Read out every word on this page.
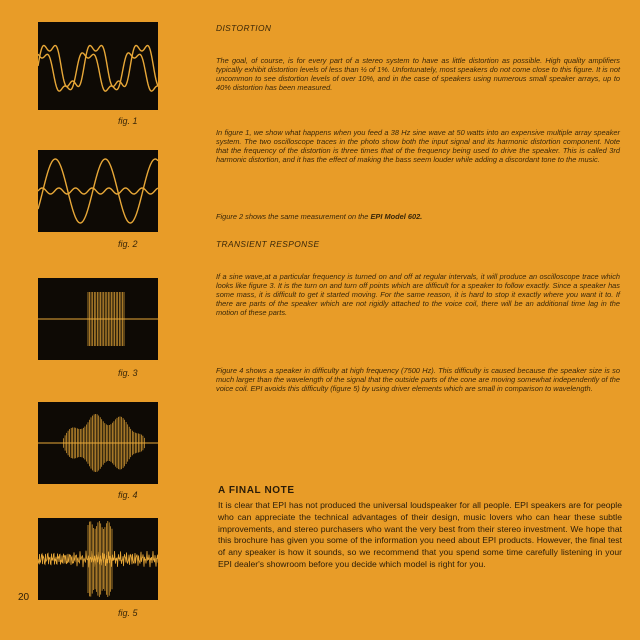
fig. 1
fig. 2
fig. 3
fig. 4
fig. 5
DISTORTION
The goal, of course, is for every part of a stereo system to have as little distortion as possible. High quality amplifiers typically exhibit distortion levels of less than ½ of 1%. Unfortunately, most speakers do not come close to this figure. It is not uncommon to see distortion levels of over 10%, and in the case of speakers using numerous small speaker arrays, up to 40% distortion has been measured.
In figure 1, we show what happens when you feed a 38 Hz sine wave at 50 watts into an expensive multiple array speaker system. The two oscilloscope traces in the photo show both the input signal and its harmonic distortion component. Note that the frequency of the distortion is three times that of the frequency being used to drive the speaker. This is called 3rd harmonic distortion, and it has the effect of making the bass seem louder while adding a discordant tone to the music.
Figure 2 shows the same measurement on the EPI Model 602.
TRANSIENT RESPONSE
If a sine wave,at a particular frequency is turned on and off at regular intervals, it will produce an oscilloscope trace which looks like figure 3. It is the turn on and turn off points which are difficult for a speaker to follow exactly. Since a speaker has some mass, it is difficult to get it started moving. For the same reason, it is hard to stop it exactly where you want it to. If there are parts of the speaker which are not rigidly attached to the voice coil, there will be an additional time lag in the motion of these parts.
Figure 4 shows a speaker in difficulty at high frequency (7500 Hz). This difficulty is caused because the speaker size is so much larger than the wavelength of the signal that the outside parts of the cone are moving somewhat independently of the voice coil. EPI avoids this difficulty (figure 5) by using driver elements which are small in comparison to wavelength.
A FINAL NOTE
It is clear that EPI has not produced the universal loudspeaker for all people. EPI speakers are for people who can appreciate the technical advantages of their design, music lovers who can hear these subtle improvements, and stereo purchasers who want the very best from their stereo investment. We hope that this brochure has given you some of the information you need about EPI products. However, the final test of any speaker is how it sounds, so we recommend that you spend some time carefully listening in your EPI dealer's showroom before you decide which model is right for you.
20
